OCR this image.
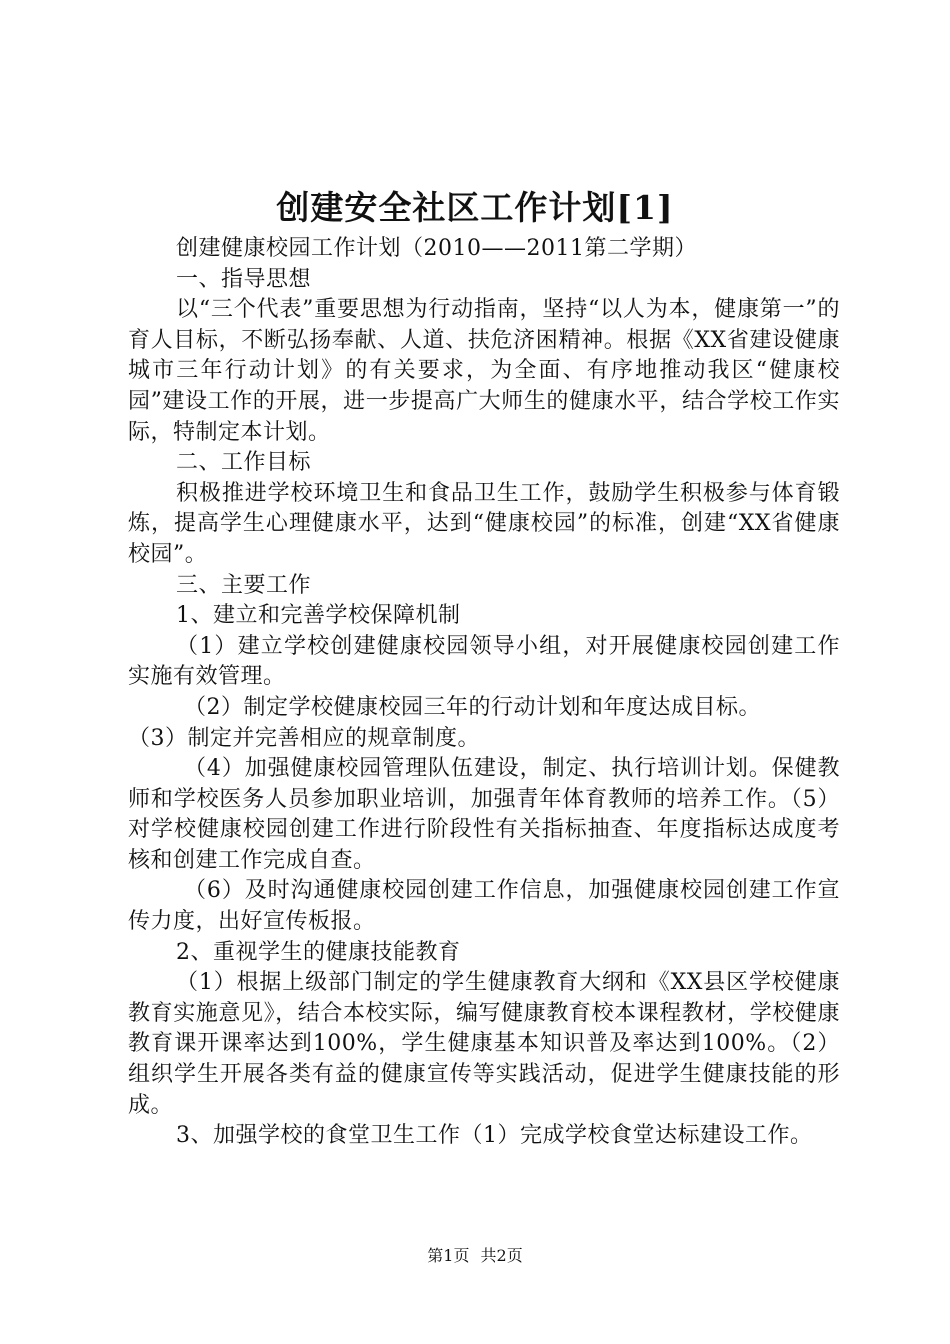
创建安全社区工作计划[1]

创建健康校园工作计划（2010——2011第二学期）

一、指导思想

以“三个代表”重要思想为行动指南，坚持“以人为本，健康第一”的育人目标，不断弘扬奉献、人道、扶危济困精神。根据《XX省建设健康城市三年行动计划》的有关要求，为全面、有序地推动我区“健康校园”建设工作的开展，进一步提高广大师生的健康水平，结合学校工作实际，特制定本计划。

二、工作目标

积极推进学校环境卫生和食品卫生工作，鼓励学生积极参与体育锻炼，提高学生心理健康水平，达到“健康校园”的标准，创建“XX省健康校园”。

三、主要工作

1、建立和完善学校保障机制

（1）建立学校创建健康校园领导小组，对开展健康校园创建工作实施有效管理。

（2）制定学校健康校园三年的行动计划和年度达成目标。

（3）制定并完善相应的规章制度。

（4）加强健康校园管理队伍建设，制定、执行培训计划。保健教师和学校医务人员参加职业培训，加强青年体育教师的培养工作。（5）对学校健康校园创建工作进行阶段性有关指标抽查、年度指标达成度考核和创建工作完成自查。

（6）及时沟通健康校园创建工作信息，加强健康校园创建工作宣传力度，出好宣传板报。

2、重视学生的健康技能教育

（1）根据上级部门制定的学生健康教育大纲和《XX县区学校健康教育实施意见》，结合本校实际，编写健康教育校本课程教材，学校健康教育课开课率达到100%，学生健康基本知识普及率达到100%。（2）组织学生开展各类有益的健康宣传等实践活动，促进学生健康技能的形成。

3、加强学校的食堂卫生工作（1）完成学校食堂达标建设工作。

第1页 共2页
